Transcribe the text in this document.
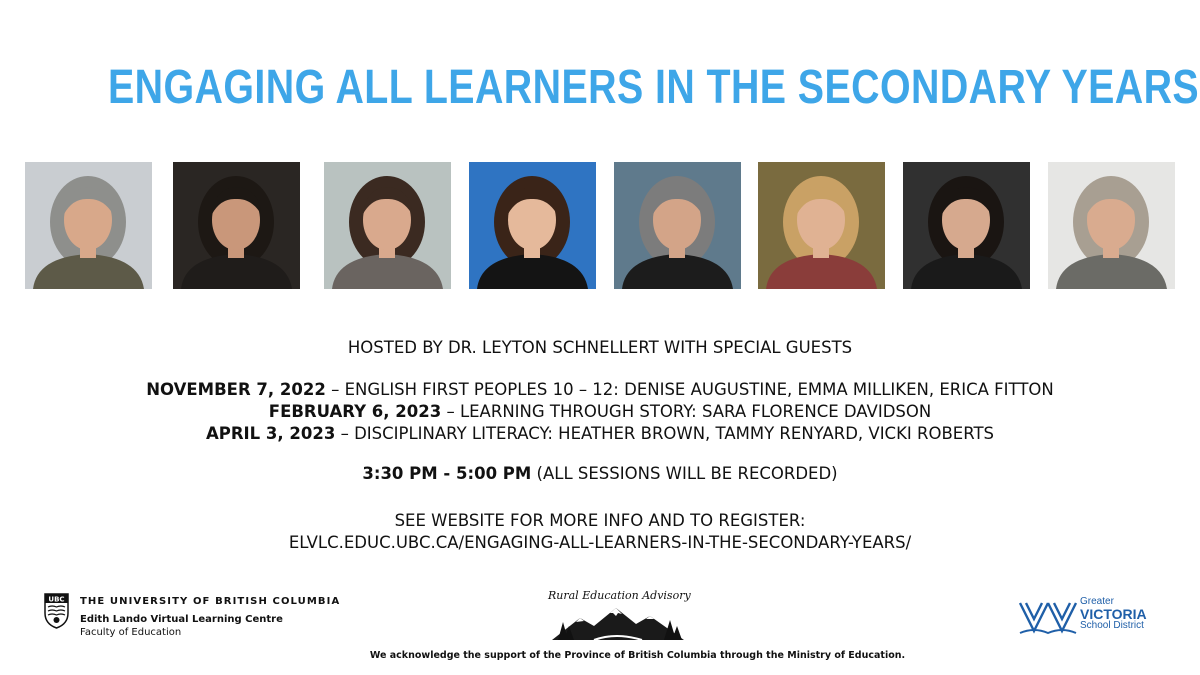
ENGAGING ALL LEARNERS IN THE SECONDARY YEARS
HOSTED BY DR. LEYTON SCHNELLERT WITH SPECIAL GUESTS
NOVEMBER 7, 2022 – ENGLISH FIRST PEOPLES 10 – 12: DENISE AUGUSTINE, EMMA MILLIKEN, ERICA FITTON
FEBRUARY 6, 2023 – LEARNING THROUGH STORY: SARA FLORENCE DAVIDSON
APRIL 3, 2023 – DISCIPLINARY LITERACY: HEATHER BROWN, TAMMY RENYARD, VICKI ROBERTS
3:30 PM - 5:00 PM (ALL SESSIONS WILL BE RECORDED)
SEE WEBSITE FOR MORE INFO AND TO REGISTER:
ELVLC.EDUC.UBC.CA/ENGAGING-ALL-LEARNERS-IN-THE-SECONDARY-YEARS/
UBC THE UNIVERSITY OF BRITISH COLUMBIA
Edith Lando Virtual Learning Centre
Faculty of Education
Rural Education Advisory	Greater
VICTORIA
School District
We acknowledge the support of the Province of British Columbia through the Ministry of Education.
